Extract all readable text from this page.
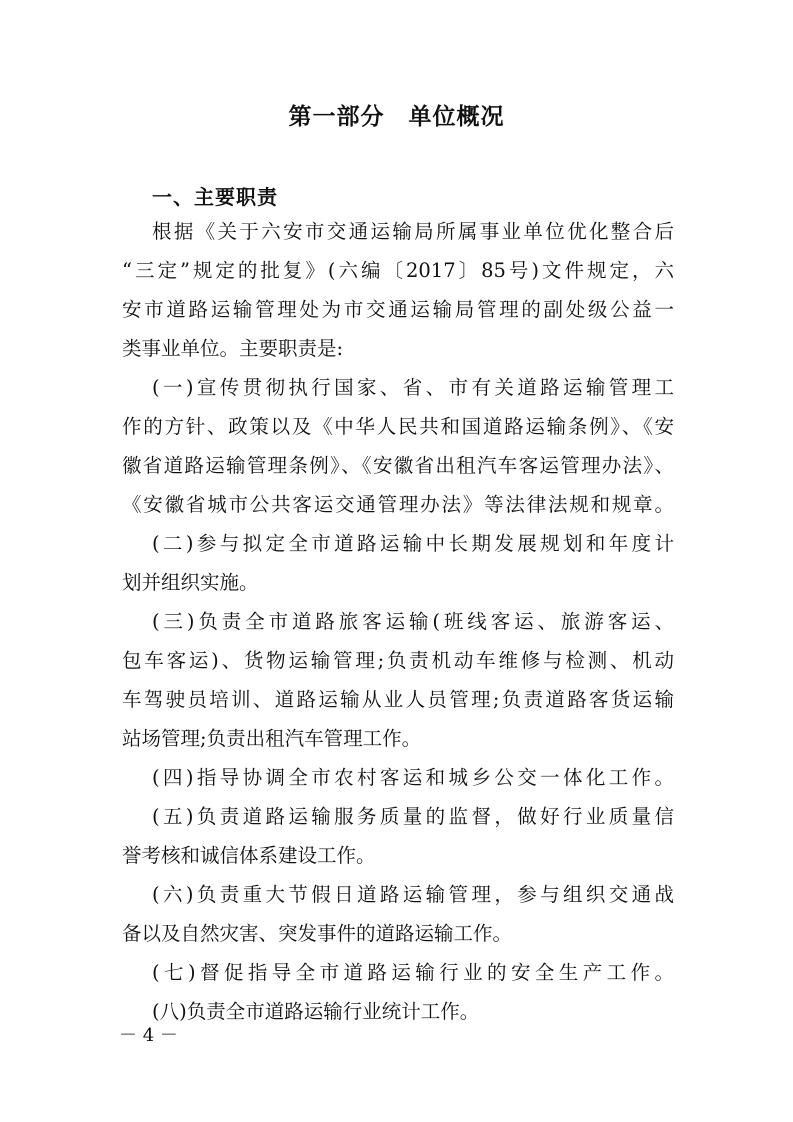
第一部分　单位概况
一、主要职责
根据《关于六安市交通运输局所属事业单位优化整合后
“三定”规定的批复》(六编〔2017〕85号)文件规定，六
安市道路运输管理处为市交通运输局管理的副处级公益一
类事业单位。主要职责是:
(一)宣传贯彻执行国家、省、市有关道路运输管理工
作的方针、政策以及《中华人民共和国道路运输条例》、《安
徽省道路运输管理条例》、《安徽省出租汽车客运管理办法》、
《安徽省城市公共客运交通管理办法》等法律法规和规章。
(二)参与拟定全市道路运输中长期发展规划和年度计
划并组织实施。
(三)负责全市道路旅客运输(班线客运、旅游客运、
包车客运)、货物运输管理;负责机动车维修与检测、机动
车驾驶员培训、道路运输从业人员管理;负责道路客货运输
站场管理;负责出租汽车管理工作。
(四)指导协调全市农村客运和城乡公交一体化工作。
(五)负责道路运输服务质量的监督，做好行业质量信
誉考核和诚信体系建设工作。
(六)负责重大节假日道路运输管理，参与组织交通战
备以及自然灾害、突发事件的道路运输工作。
(七)督促指导全市道路运输行业的安全生产工作。
(八)负责全市道路运输行业统计工作。
－ 4 －
